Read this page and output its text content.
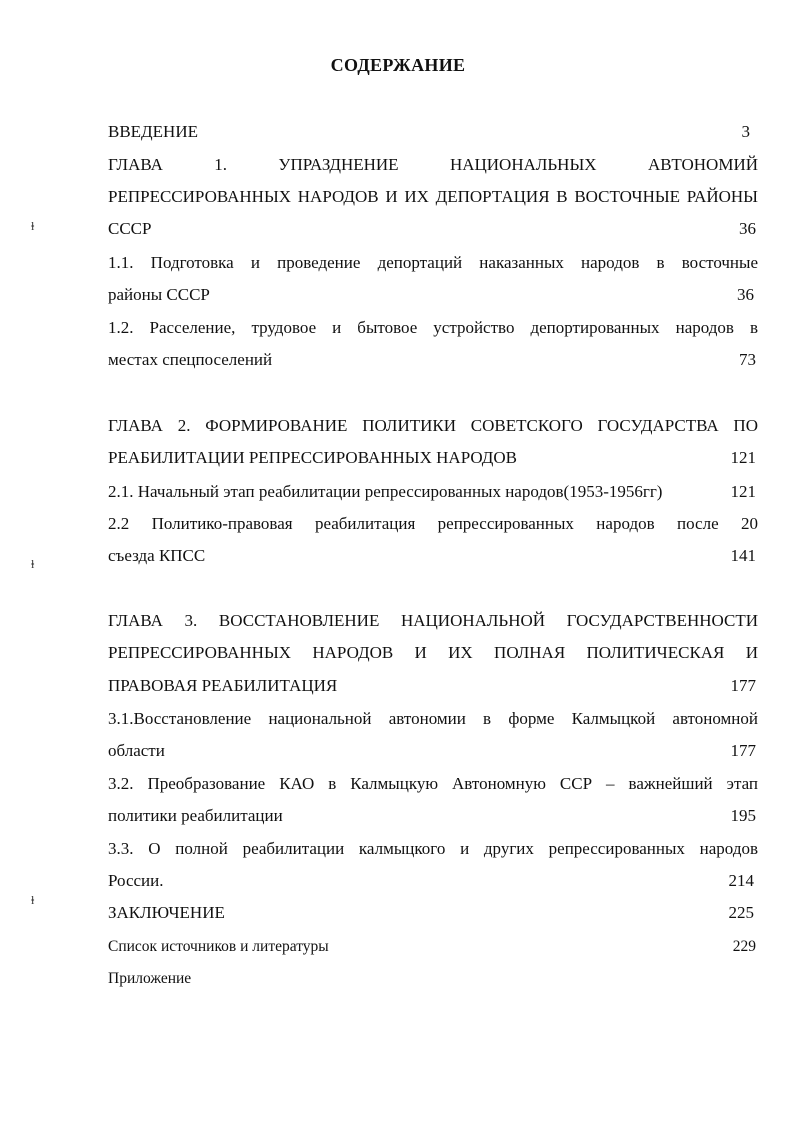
СОДЕРЖАНИЕ
ВВЕДЕНИЕ	3
ГЛАВА 1. УПРАЗДНЕНИЕ НАЦИОНАЛЬНЫХ АВТОНОМИЙ
РЕПРЕССИРОВАННЫХ НАРОДОВ И ИХ ДЕПОРТАЦИЯ В ВОСТОЧНЫЕ РАЙОНЫ
СССР	36
1.1. Подготовка и проведение депортаций наказанных народов в восточные
районы СССР	36
1.2. Расселение, трудовое и бытовое устройство депортированных народов в
местах спецпоселений	73
ГЛАВА 2. ФОРМИРОВАНИЕ ПОЛИТИКИ СОВЕТСКОГО ГОСУДАРСТВА ПО
РЕАБИЛИТАЦИИ РЕПРЕССИРОВАННЫХ НАРОДОВ	121
2.1. Начальный этап реабилитации репрессированных народов(1953-1956гг)	121
2.2 Политико-правовая реабилитация репрессированных народов после 20
съезда КПСС	141
ГЛАВА 3. ВОССТАНОВЛЕНИЕ НАЦИОНАЛЬНОЙ ГОСУДАРСТВЕННОСТИ
РЕПРЕССИРОВАННЫХ НАРОДОВ И ИХ ПОЛНАЯ ПОЛИТИЧЕСКАЯ И
ПРАВОВАЯ РЕАБИЛИТАЦИЯ	177
3.1.Восстановление национальной автономии в форме Калмыцкой автономной
области	177
3.2. Преобразование КАО в Калмыцкую Автономную ССР – важнейший этап
политики реабилитации	195
3.3. О полной реабилитации калмыцкого и других репрессированных народов
России.	214
ЗАКЛЮЧЕНИЕ	225
Список источников и литературы	229
Приложение
ⱡ
ⱡ
ⱡ
